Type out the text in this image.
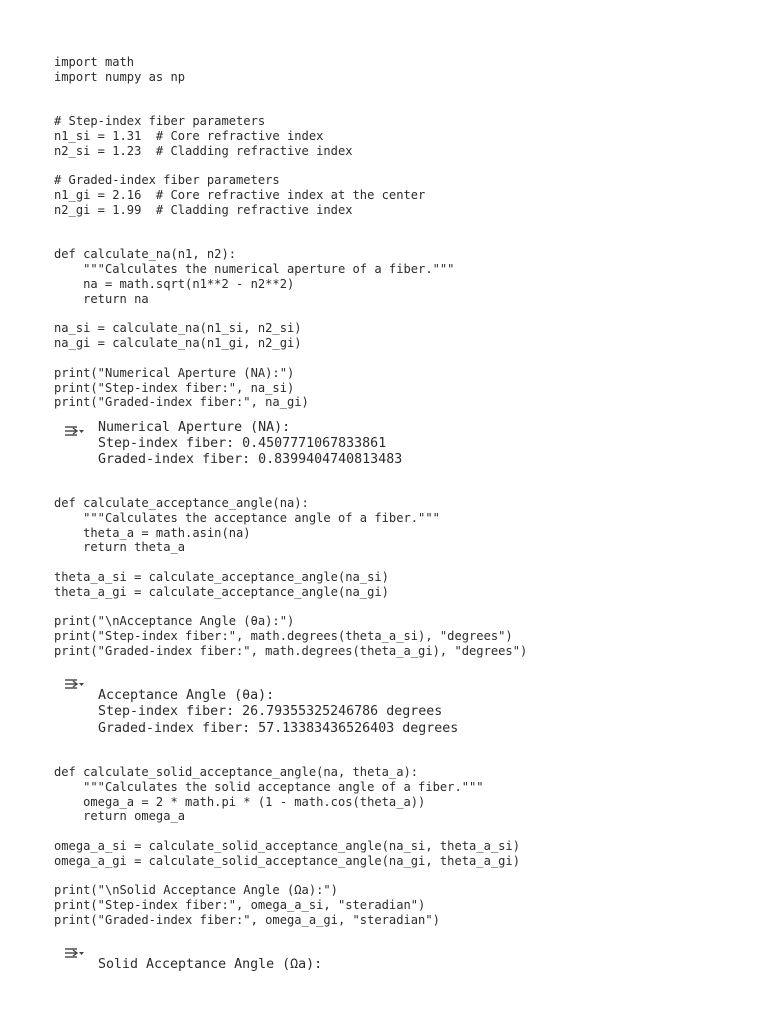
import math
import numpy as np

# Step-index fiber parameters
n1_si = 1.31  # Core refractive index
n2_si = 1.23  # Cladding refractive index

# Graded-index fiber parameters
n1_gi = 2.16  # Core refractive index at the center
n2_gi = 1.99  # Cladding refractive index

def calculate_na(n1, n2):
"""Calculates the numerical aperture of a fiber."""
na = math.sqrt(n1**2 - n2**2)
return na

na_si = calculate_na(n1_si, n2_si)
na_gi = calculate_na(n1_gi, n2_gi)

print("Numerical Aperture (NA):")
print("Step-index fiber:", na_si)
print("Graded-index fiber:", na_gi)
Numerical Aperture (NA):
Step-index fiber: 0.4507771067833861
Graded-index fiber: 0.8399404740813483
def calculate_acceptance_angle(na):
"""Calculates the acceptance angle of a fiber."""
theta_a = math.asin(na)
return theta_a

theta_a_si = calculate_acceptance_angle(na_si)
theta_a_gi = calculate_acceptance_angle(na_gi)

print("\nAcceptance Angle (θa):")
print("Step-index fiber:", math.degrees(theta_a_si), "degrees")
print("Graded-index fiber:", math.degrees(theta_a_gi), "degrees")

Acceptance Angle (θa):
Step-index fiber: 26.79355325246786 degrees
Graded-index fiber: 57.13383436526403 degrees
def calculate_solid_acceptance_angle(na, theta_a):
"""Calculates the solid acceptance angle of a fiber."""
omega_a = 2 * math.pi * (1 - math.cos(theta_a))
return omega_a

omega_a_si = calculate_solid_acceptance_angle(na_si, theta_a_si)
omega_a_gi = calculate_solid_acceptance_angle(na_gi, theta_a_gi)

print("\nSolid Acceptance Angle (Ωa):")
print("Step-index fiber:", omega_a_si, "steradian")
print("Graded-index fiber:", omega_a_gi, "steradian")

Solid Acceptance Angle (Ωa):
